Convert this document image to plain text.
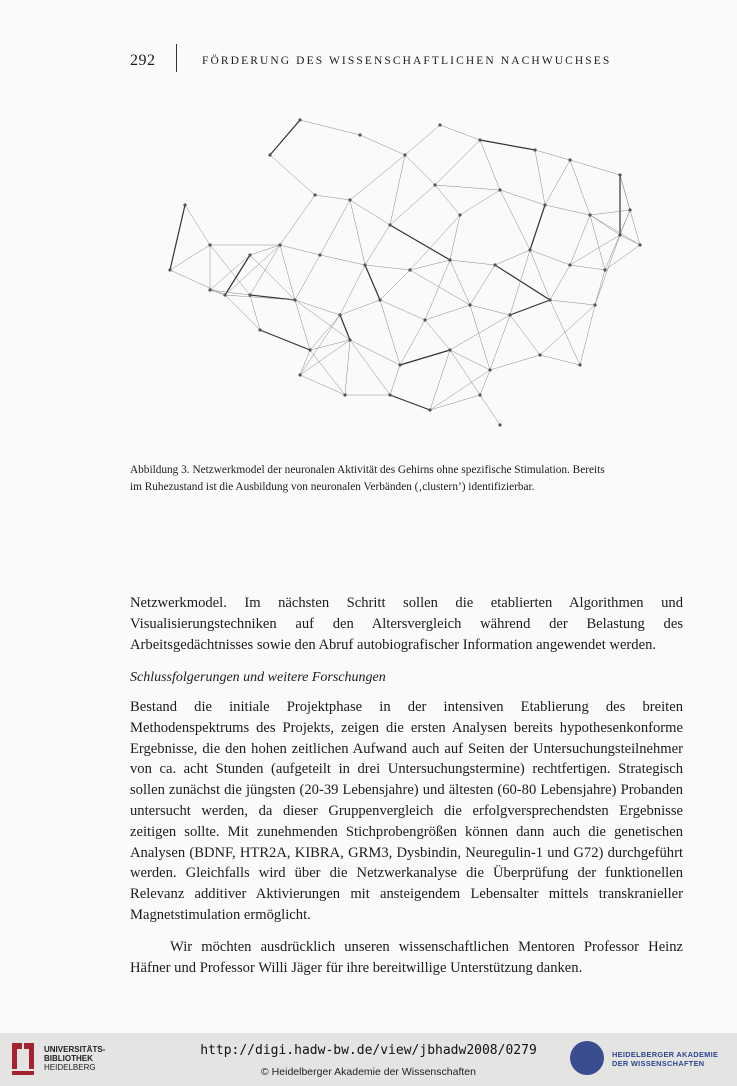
292	FÖRDERUNG DES WISSENSCHAFTLICHEN NACHWUCHSES
Abbildung 3. Netzwerkmodel der neuronalen Aktivität des Gehirns ohne spezifische Stimulation. Bereits
im Ruhezustand ist die Ausbildung von neuronalen Verbänden (‚clustern’) identifizierbar.
Netzwerkmodel. Im nächsten Schritt sollen die etablierten Algorithmen und Visualisierungstechniken auf den Altersvergleich während der Belastung des Arbeitsgedächtnisses sowie den Abruf autobiografischer Information angewendet werden.
Schlussfolgerungen und weitere Forschungen
Bestand die initiale Projektphase in der intensiven Etablierung des breiten Methodenspektrums des Projekts, zeigen die ersten Analysen bereits hypothesenkonforme Ergebnisse, die den hohen zeitlichen Aufwand auch auf Seiten der Untersuchungsteilnehmer von ca. acht Stunden (aufgeteilt in drei Untersuchungstermine) rechtfertigen. Strategisch sollen zunächst die jüngsten (20-39 Lebensjahre) und ältesten (60-80 Lebensjahre) Probanden untersucht werden, da dieser Gruppenvergleich die erfolgversprechendsten Ergebnisse zeitigen sollte. Mit zunehmenden Stichprobengrößen können dann auch die genetischen Analysen (BDNF, HTR2A, KIBRA, GRM3, Dysbindin, Neuregulin-1 und G72) durchgeführt werden. Gleichfalls wird über die Netzwerkanalyse die Überprüfung der funktionellen Relevanz additiver Aktivierungen mit ansteigendem Lebensalter mittels transkranieller Magnetstimulation ermöglicht.
Wir möchten ausdrücklich unseren wissenschaftlichen Mentoren Professor Heinz Häfner und Professor Willi Jäger für ihre bereitwillige Unterstützung danken.
UNIVERSITÄTS-
BIBLIOTHEK
HEIDELBERG
http://digi.hadw-bw.de/view/jbhadw2008/0279
© Heidelberger Akademie der Wissenschaften
HEIDELBERGER AKADEMIE
DER WISSENSCHAFTEN
